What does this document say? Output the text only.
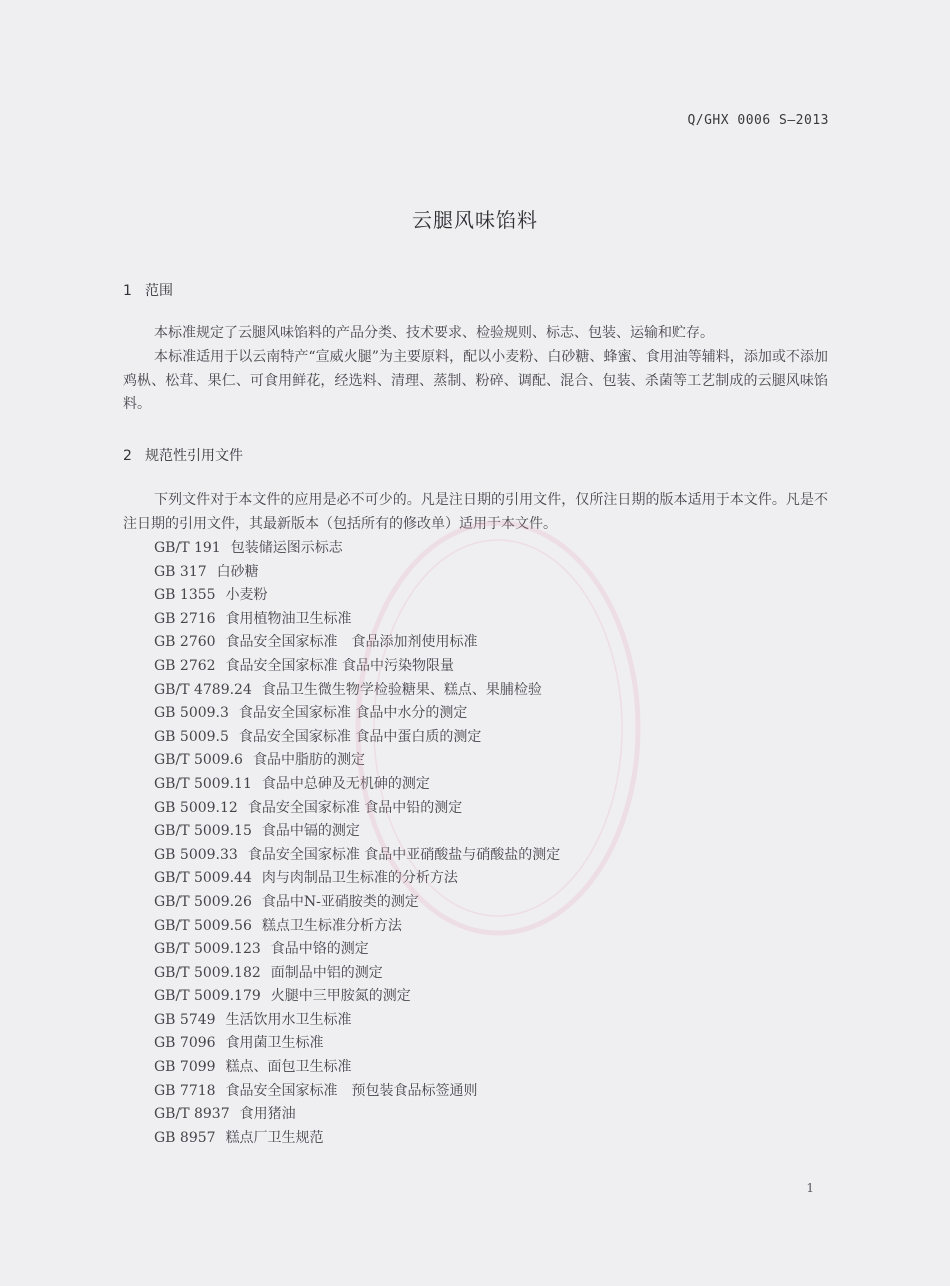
Q/GHX 0006 S—2013
云腿风味馅料
1 范围
本标准规定了云腿风味馅料的产品分类、技术要求、检验规则、标志、包装、运输和贮存。
本标准适用于以云南特产“宣威火腿”为主要原料，配以小麦粉、白砂糖、蜂蜜、食用油等辅料，添加或不添加鸡枞、松茸、果仁、可食用鲜花，经选料、清理、蒸制、粉碎、调配、混合、包装、杀菌等工艺制成的云腿风味馅料。
2 规范性引用文件
下列文件对于本文件的应用是必不可少的。凡是注日期的引用文件，仅所注日期的版本适用于本文件。凡是不注日期的引用文件，其最新版本（包括所有的修改单）适用于本文件。
GB/T 191 包装储运图示标志
GB 317 白砂糖
GB 1355 小麦粉
GB 2716 食用植物油卫生标准
GB 2760 食品安全国家标准　食品添加剂使用标准
GB 2762 食品安全国家标准 食品中污染物限量
GB/T 4789.24 食品卫生微生物学检验糖果、糕点、果脯检验
GB 5009.3 食品安全国家标准 食品中水分的测定
GB 5009.5 食品安全国家标准 食品中蛋白质的测定
GB/T 5009.6 食品中脂肪的测定
GB/T 5009.11 食品中总砷及无机砷的测定
GB 5009.12 食品安全国家标准 食品中铅的测定
GB/T 5009.15 食品中镉的测定
GB 5009.33 食品安全国家标准 食品中亚硝酸盐与硝酸盐的测定
GB/T 5009.44 肉与肉制品卫生标准的分析方法
GB/T 5009.26 食品中N-亚硝胺类的测定
GB/T 5009.56 糕点卫生标准分析方法
GB/T 5009.123 食品中铬的测定
GB/T 5009.182 面制品中铝的测定
GB/T 5009.179 火腿中三甲胺氮的测定
GB 5749 生活饮用水卫生标准
GB 7096 食用菌卫生标准
GB 7099 糕点、面包卫生标准
GB 7718 食品安全国家标准　预包装食品标签通则
GB/T 8937 食用猪油
GB 8957 糕点厂卫生规范
1
